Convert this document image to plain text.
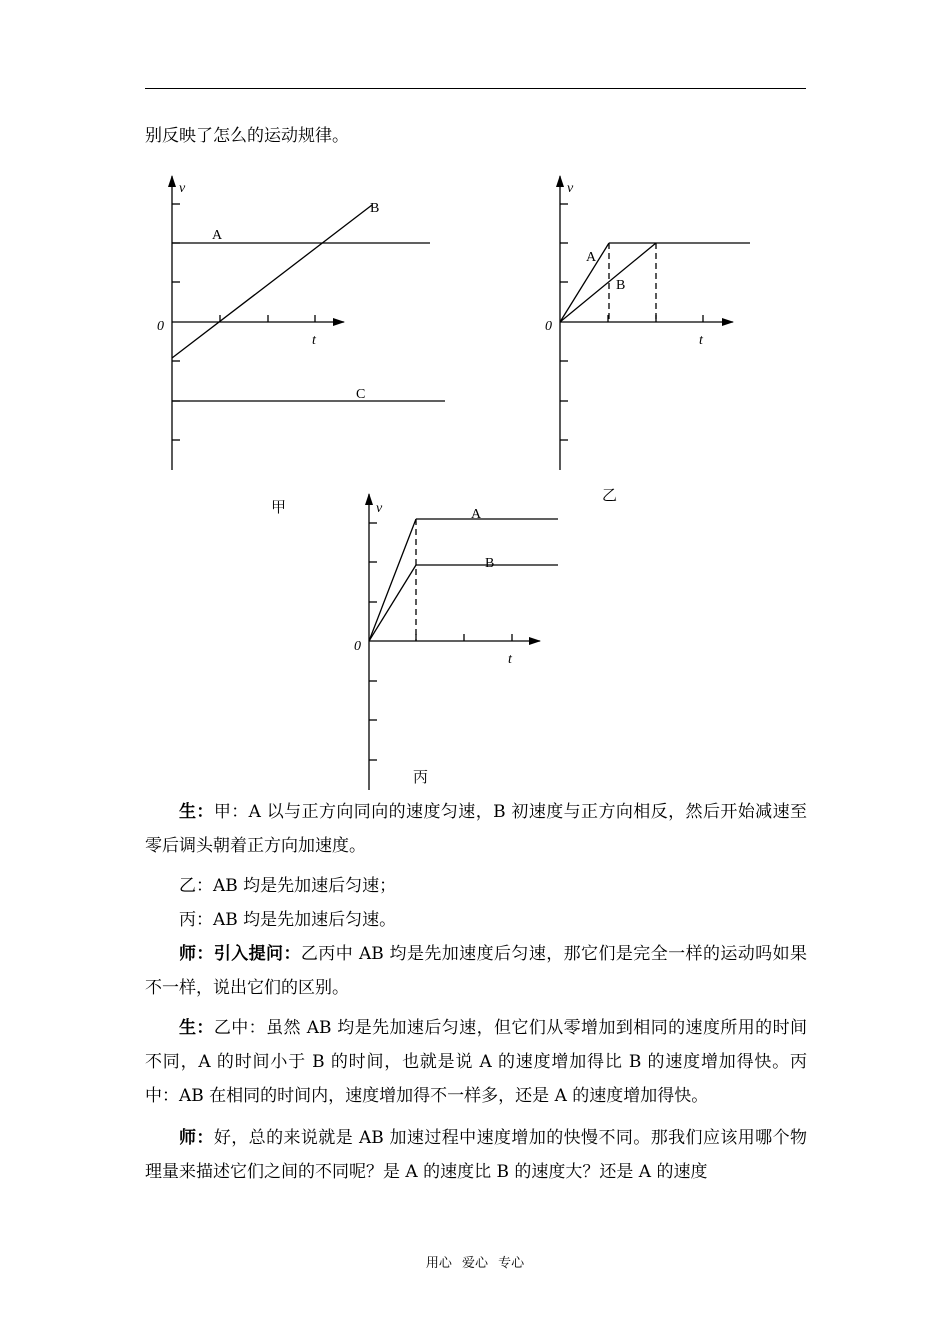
别反映了怎么的运动规律。

v
t
0
A
B
C
v
t
0
A
B
v
t
0
A
B
甲
乙
丙

生：甲：A 以与正方向同向的速度匀速，B 初速度与正方向相反，然后开始减速至零后调头朝着正方向加速度。

乙：AB 均是先加速后匀速；

丙：AB 均是先加速后匀速。

师：引入提问：乙丙中 AB 均是先加速度后匀速，那它们是完全一样的运动吗如果不一样，说出它们的区别。

生：乙中：虽然 AB 均是先加速后匀速，但它们从零增加到相同的速度所用的时间不同，A 的时间小于 B 的时间，也就是说 A 的速度增加得比 B 的速度增加得快。丙中：AB 在相同的时间内，速度增加得不一样多，还是 A 的速度增加得快。

师：好，总的来说就是 AB 加速过程中速度增加的快慢不同。那我们应该用哪个物理量来描述它们之间的不同呢？是 A 的速度比 B 的速度大？还是 A 的速度

用心 爱心 专心
